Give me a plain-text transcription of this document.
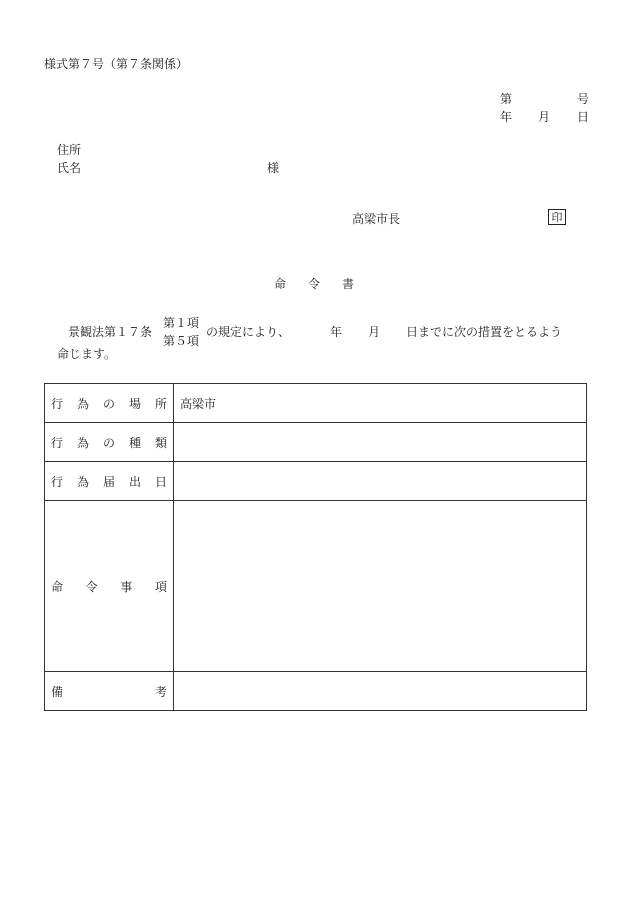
様式第７号（第７条関係）
第	号
年 月 日
住所
氏名	様
高梁市長	印
命令書
景観法第１７条
第１項
第５項
の規定により、	年 月 日までに次の措置をとるよう
命じます。
行 為 の 場 所	高梁市

行 為 の 種 類	

行 為 届 出 日	

命 令 事 項	

備 考	
